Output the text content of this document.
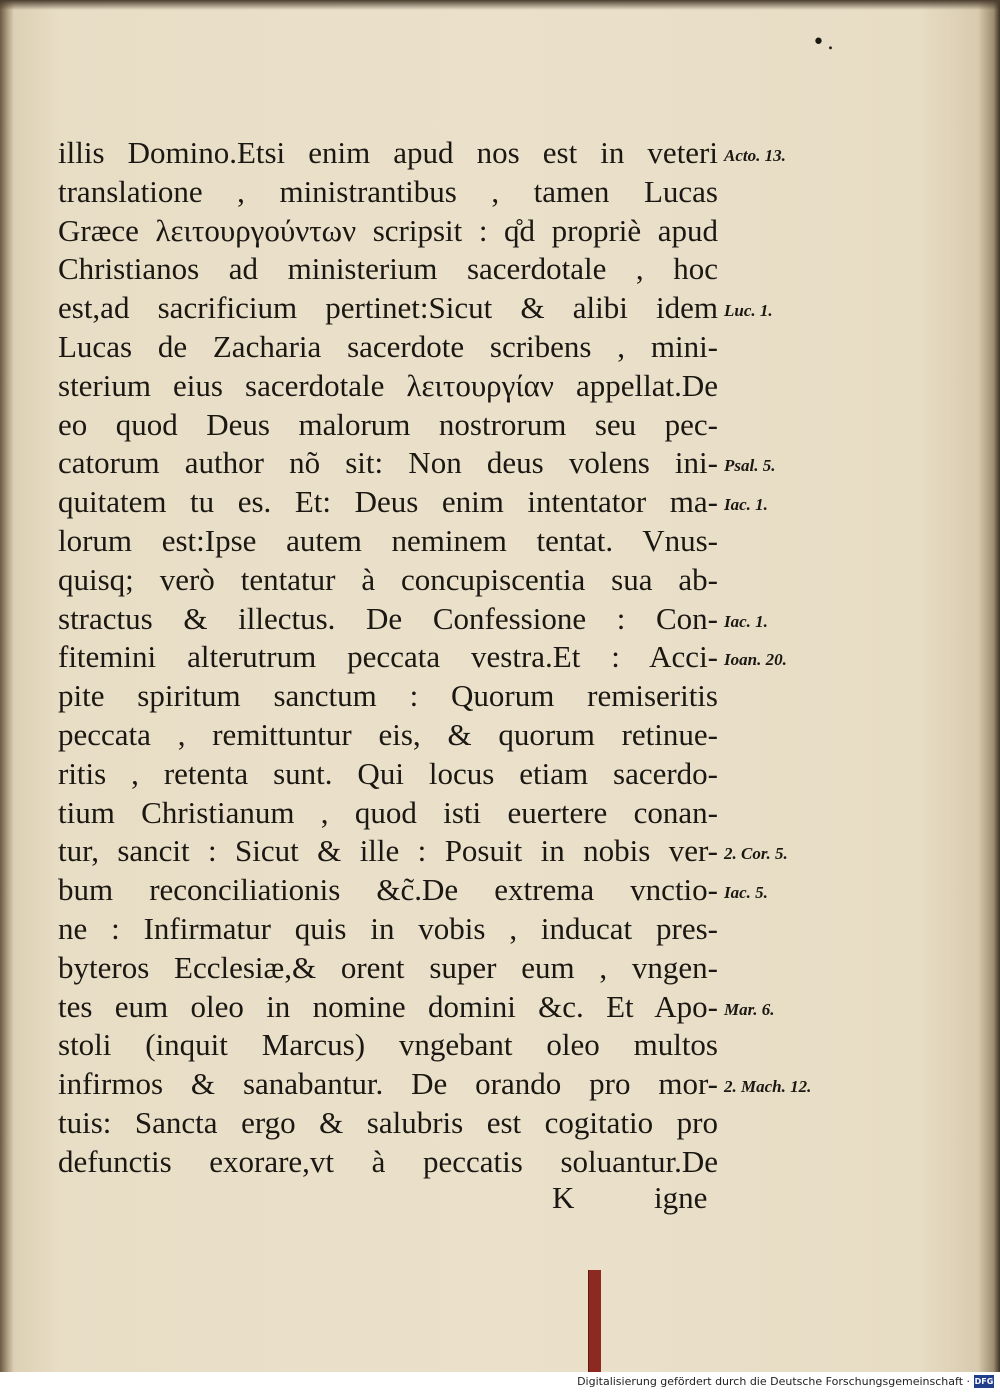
•.
illis Domino.Etsi enim apud nos est in veteri
translatione , ministrantibus , tamen Lucas
Græce λειτουργούντων scripsit : q̊d propriè apud
Christianos ad ministerium sacerdotale , hoc
est,ad sacrificium pertinet:Sicut & alibi idem
Lucas de Zacharia sacerdote scribens , mini-
sterium eius sacerdotale λειτουργίαν appellat.De
eo quod Deus malorum nostrorum seu pec-
catorum author nõ sit: Non deus volens ini-
quitatem tu es. Et: Deus enim intentator ma-
lorum est:Ipse autem neminem tentat. Vnus-
quisq; verò tentatur à concupiscentia sua ab-
stractus & illectus. De Confessione : Con-
fitemini alterutrum peccata vestra.Et : Acci-
pite spiritum sanctum : Quorum remiseritis
peccata , remittuntur eis, & quorum retinue-
ritis , retenta sunt. Qui locus etiam sacerdo-
tium Christianum , quod isti euertere conan-
tur, sancit : Sicut & ille : Posuit in nobis ver-
bum reconciliationis &c̃.De extrema vnctio-
ne : Infirmatur quis in vobis , inducat pres-
byteros Ecclesiæ,& orent super eum , vngen-
tes eum oleo in nomine domini &c. Et Apo-
stoli (inquit Marcus) vngebant oleo multos
infirmos & sanabantur. De orando pro mor-
tuis: Sancta ergo & salubris est cogitatio pro
defunctis exorare,vt à peccatis soluantur.De
Acto. 13.
Luc. 1.
Psal. 5.
Iac. 1.
Iac. 1.
Ioan. 20.
2. Cor. 5.
Iac. 5.
Mar. 6.
2. Mach. 12.
K	igne
Digitalisierung gefördert durch die Deutsche Forschungsgemeinschaft · DFG
